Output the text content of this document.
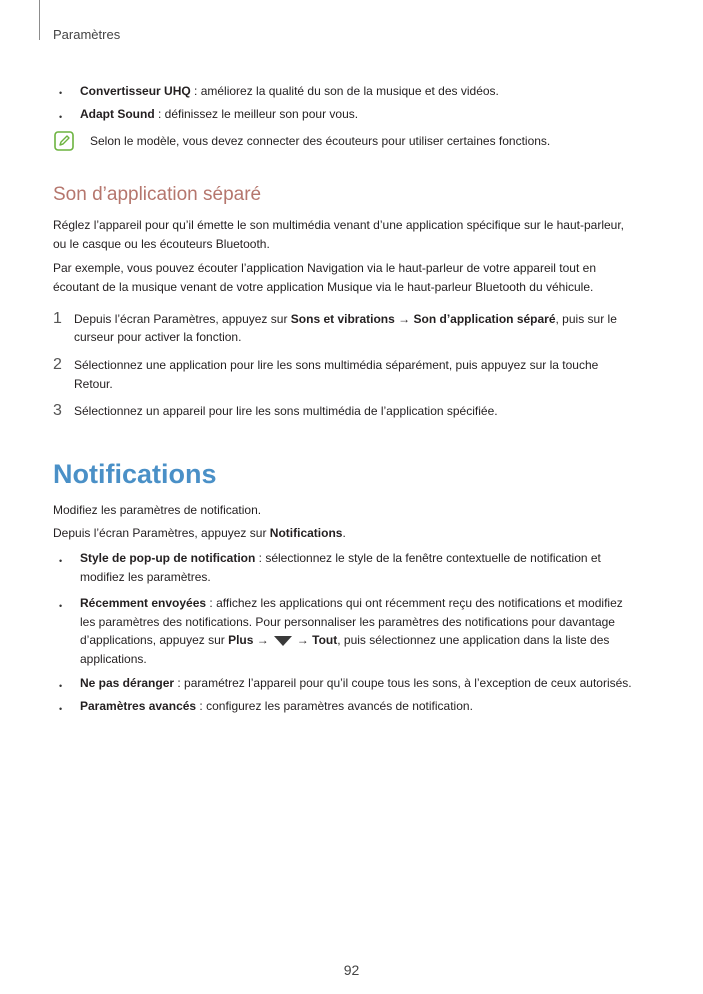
Paramètres
• Convertisseur UHQ : améliorez la qualité du son de la musique et des vidéos.
• Adapt Sound : définissez le meilleur son pour vous.
Selon le modèle, vous devez connecter des écouteurs pour utiliser certaines fonctions.
Son d’application séparé
Réglez l’appareil pour qu’il émette le son multimédia venant d’une application spécifique sur le haut-parleur,
ou le casque ou les écouteurs Bluetooth.
Par exemple, vous pouvez écouter l’application Navigation via le haut-parleur de votre appareil tout en
écoutant de la musique venant de votre application Musique via le haut-parleur Bluetooth du véhicule.
1 Depuis l’écran Paramètres, appuyez sur Sons et vibrations → Son d’application séparé, puis sur le
curseur pour activer la fonction.
2 Sélectionnez une application pour lire les sons multimédia séparément, puis appuyez sur la touche
Retour.
3 Sélectionnez un appareil pour lire les sons multimédia de l’application spécifiée.
Notifications
Modifiez les paramètres de notification.
Depuis l’écran Paramètres, appuyez sur Notifications.
• Style de pop-up de notification : sélectionnez le style de la fenêtre contextuelle de notification et
modifiez les paramètres.
• Récemment envoyées : affichez les applications qui ont récemment reçu des notifications et modifiez
les paramètres des notifications. Pour personnaliser les paramètres des notifications pour davantage
d’applications, appuyez sur Plus → → Tout, puis sélectionnez une application dans la liste des
applications.
• Ne pas déranger : paramétrez l’appareil pour qu’il coupe tous les sons, à l’exception de ceux autorisés.
• Paramètres avancés : configurez les paramètres avancés de notification.
92
